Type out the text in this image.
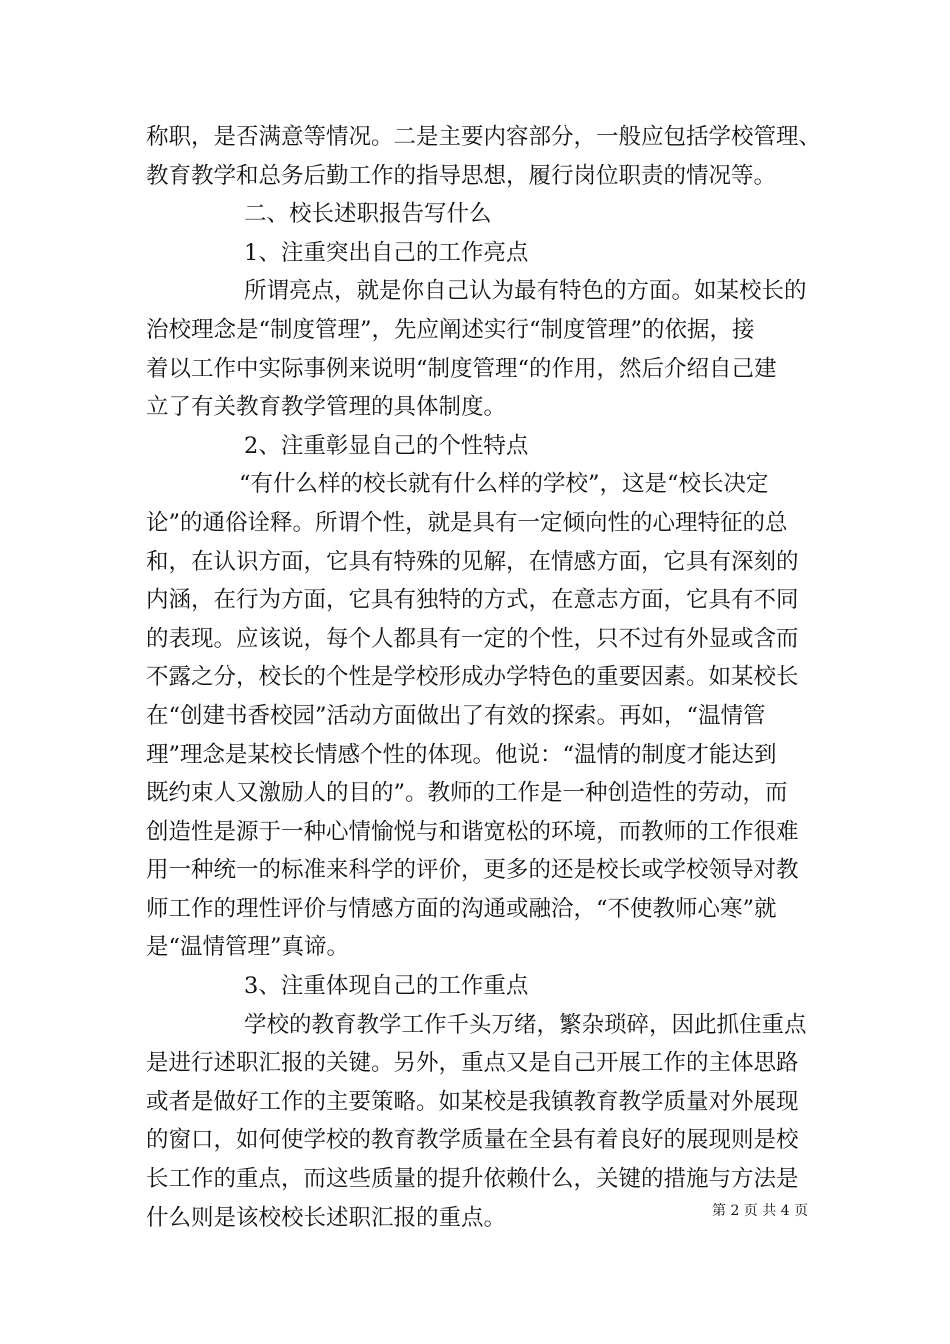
称职，是否满意等情况。二是主要内容部分，一般应包括学校管理、
教育教学和总务后勤工作的指导思想，履行岗位职责的情况等。
二、校长述职报告写什么
1、注重突出自己的工作亮点
所谓亮点，就是你自己认为最有特色的方面。如某校长的
治校理念是“制度管理”，先应阐述实行“制度管理”的依据，接
着以工作中实际事例来说明“制度管理“的作用，然后介绍自己建
立了有关教育教学管理的具体制度。
2、注重彰显自己的个性特点
“有什么样的校长就有什么样的学校”，这是“校长决定
论”的通俗诠释。所谓个性，就是具有一定倾向性的心理特征的总
和，在认识方面，它具有特殊的见解，在情感方面，它具有深刻的
内涵，在行为方面，它具有独特的方式，在意志方面，它具有不同
的表现。应该说，每个人都具有一定的个性，只不过有外显或含而
不露之分，校长的个性是学校形成办学特色的重要因素。如某校长
在“创建书香校园”活动方面做出了有效的探索。再如，“温情管
理”理念是某校长情感个性的体现。他说：“温情的制度才能达到
既约束人又激励人的目的”。教师的工作是一种创造性的劳动，而
创造性是源于一种心情愉悦与和谐宽松的环境，而教师的工作很难
用一种统一的标准来科学的评价，更多的还是校长或学校领导对教
师工作的理性评价与情感方面的沟通或融洽，“不使教师心寒”就
是“温情管理”真谛。
3、注重体现自己的工作重点
学校的教育教学工作千头万绪，繁杂琐碎，因此抓住重点
是进行述职汇报的关键。另外，重点又是自己开展工作的主体思路
或者是做好工作的主要策略。如某校是我镇教育教学质量对外展现
的窗口，如何使学校的教育教学质量在全县有着良好的展现则是校
长工作的重点，而这些质量的提升依赖什么，关键的措施与方法是
什么则是该校校长述职汇报的重点。	第 2 页 共 4 页
